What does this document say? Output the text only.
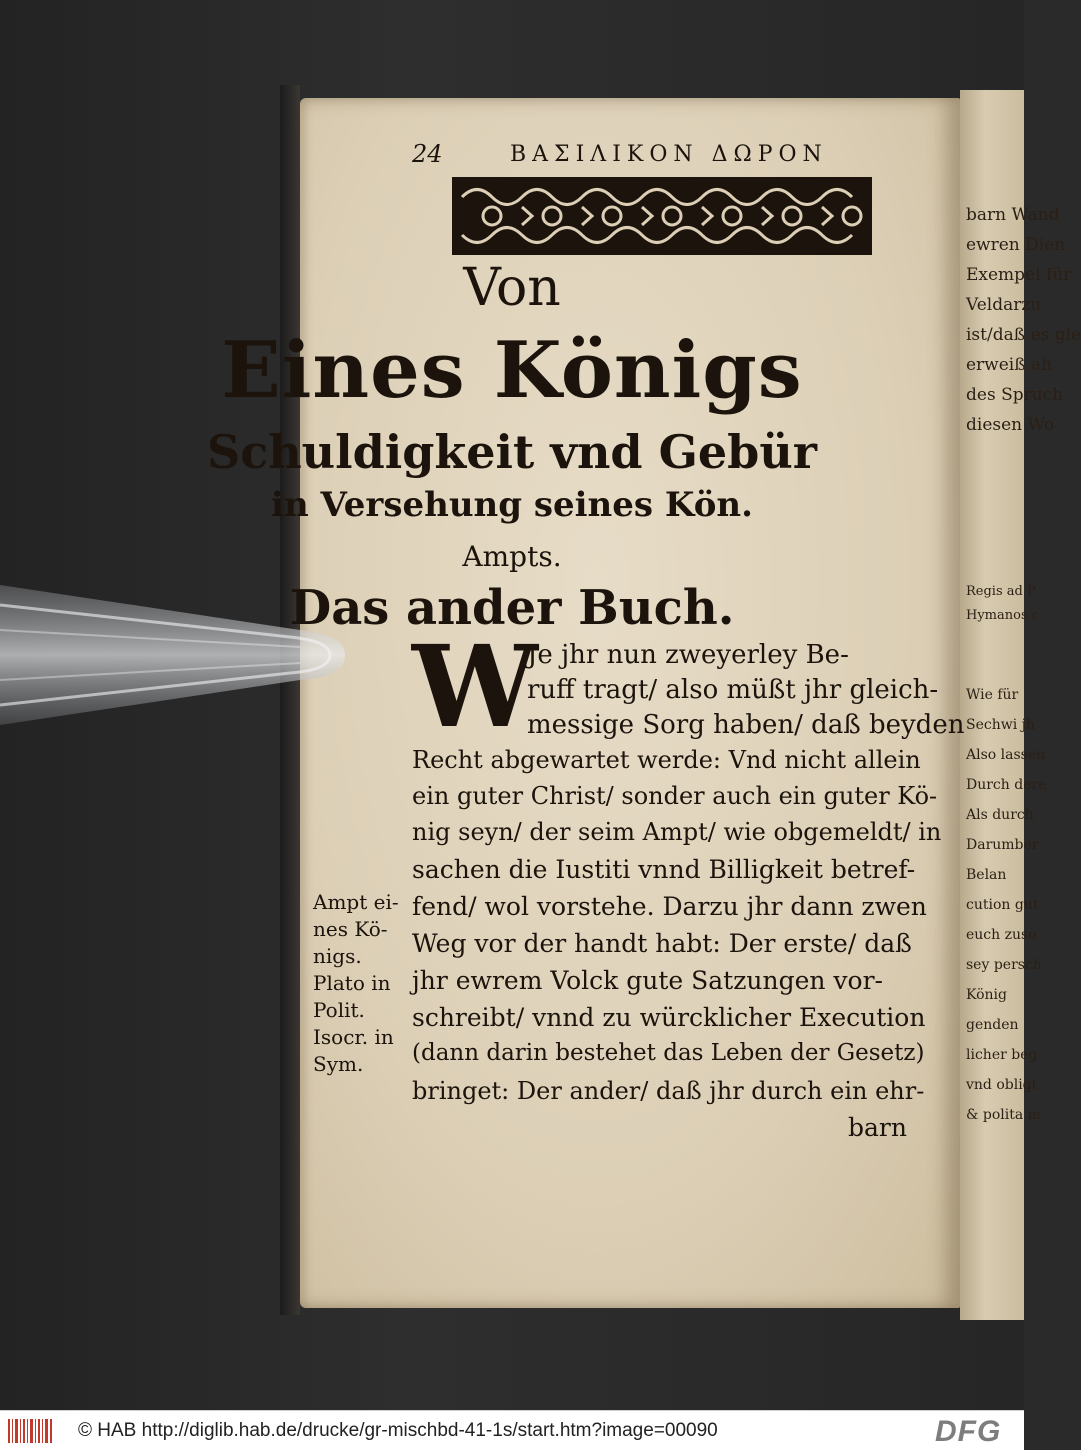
barn Wand
ewren Dien
Exempel für
Veldarzu
ist/daß es gle
erweiß ah
des Spruch
diesen Wo
Regis ad P
Hymanos c
Wie für
Sechwi jh
Also lassen
Durch dere
Als durch
Darumber
Belan
cution gut
euch zuso
sey persch
König
genden
licher beg
vnd obligt
& polita m
24	ΒΑΣΙΛΙΚΟΝ ΔΩΡΟΝ
Von
Eines Königs
Schuldigkeit vnd Gebür
in Versehung seines Kön.
Ampts.
Das ander Buch.
W
Je jhr nun zweyerley Be-
ruff tragt/ also müßt jhr gleich-
messige Sorg haben/ daß beyden
Recht abgewartet werde: Vnd nicht allein
ein guter Christ/ sonder auch ein guter Kö-
nig seyn/ der seim Ampt/ wie obgemeldt/ in
sachen die Iustiti vnnd Billigkeit betref-
fend/ wol vorstehe. Darzu jhr dann zwen
Weg vor der handt habt: Der erste/ daß
jhr ewrem Volck gute Satzungen vor-
schreibt/ vnnd zu würcklicher Execution
(dann darin bestehet das Leben der Gesetz)
bringet: Der ander/ daß jhr durch ein ehr-
barn
Ampt ei-
nes Kö-
nigs.
Plato in
Polit.
Isocr. in
Sym.
© HAB http://diglib.hab.de/drucke/gr-mischbd-41-1s/start.htm?image=00090	DFG
